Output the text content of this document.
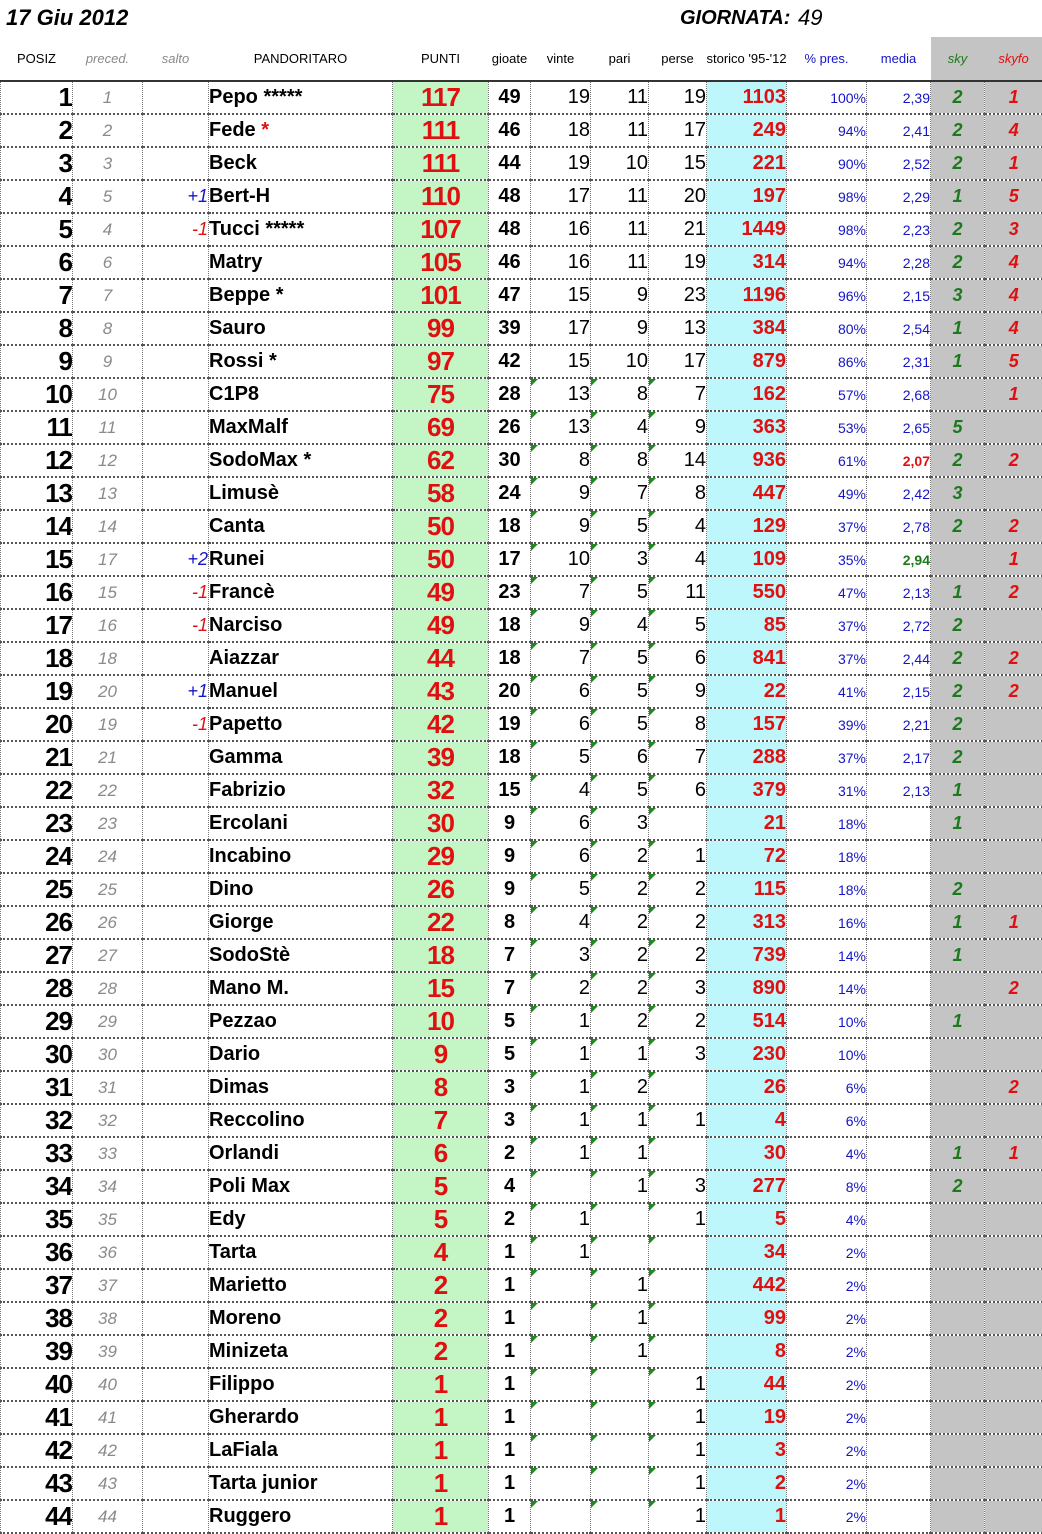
17 Giu 2012	GIORNATA: 49
POSIZ	preced.	salto	PANDORITARO	PUNTI	gioate	vinte	pari	perse	storico '95-'12	% pres.	media	sky	skyfo
1	1		Pepo *****	117	49	19	11	19	1103	100%	2,39	2	1
2	2		Fede *	111	46	18	11	17	249	94%	2,41	2	4
3	3		Beck	111	44	19	10	15	221	90%	2,52	2	1
4	5	+1	Bert-H	110	48	17	11	20	197	98%	2,29	1	5
5	4	-1	Tucci *****	107	48	16	11	21	1449	98%	2,23	2	3
6	6		Matry	105	46	16	11	19	314	94%	2,28	2	4
7	7		Beppe *	101	47	15	9	23	1196	96%	2,15	3	4
8	8		Sauro	99	39	17	9	13	384	80%	2,54	1	4
9	9		Rossi *	97	42	15	10	17	879	86%	2,31	1	5
10	10		C1P8	75	28	13	8	7	162	57%	2,68		1
11	11		MaxMalf	69	26	13	4	9	363	53%	2,65	5	
12	12		SodoMax *	62	30	8	8	14	936	61%	2,07	2	2
13	13		Limusè	58	24	9	7	8	447	49%	2,42	3	
14	14		Canta	50	18	9	5	4	129	37%	2,78	2	2
15	17	+2	Runei	50	17	10	3	4	109	35%	2,94		1
16	15	-1	Francè	49	23	7	5	11	550	47%	2,13	1	2
17	16	-1	Narciso	49	18	9	4	5	85	37%	2,72	2	
18	18		Aiazzar	44	18	7	5	6	841	37%	2,44	2	2
19	20	+1	Manuel	43	20	6	5	9	22	41%	2,15	2	2
20	19	-1	Papetto	42	19	6	5	8	157	39%	2,21	2	
21	21		Gamma	39	18	5	6	7	288	37%	2,17	2	
22	22		Fabrizio	32	15	4	5	6	379	31%	2,13	1	
23	23		Ercolani	30	9	6	3		21	18%		1	
24	24		Incabino	29	9	6	2	1	72	18%			
25	25		Dino	26	9	5	2	2	115	18%		2	
26	26		Giorge	22	8	4	2	2	313	16%		1	1
27	27		SodoStè	18	7	3	2	2	739	14%		1	
28	28		Mano M.	15	7	2	2	3	890	14%			2
29	29		Pezzao	10	5	1	2	2	514	10%		1	
30	30		Dario	9	5	1	1	3	230	10%			
31	31		Dimas	8	3	1	2		26	6%			2
32	32		Reccolino	7	3	1	1	1	4	6%			
33	33		Orlandi	6	2	1	1		30	4%		1	1
34	34		Poli Max	5	4		1	3	277	8%		2	
35	35		Edy	5	2	1		1	5	4%			
36	36		Tarta	4	1	1			34	2%			
37	37		Marietto	2	1		1		442	2%			
38	38		Moreno	2	1		1		99	2%			
39	39		Minizeta	2	1		1		8	2%			
40	40		Filippo	1	1			1	44	2%			
41	41		Gherardo	1	1			1	19	2%			
42	42		LaFiala	1	1			1	3	2%			
43	43		Tarta junior	1	1			1	2	2%			
44	44		Ruggero	1	1			1	1	2%			
